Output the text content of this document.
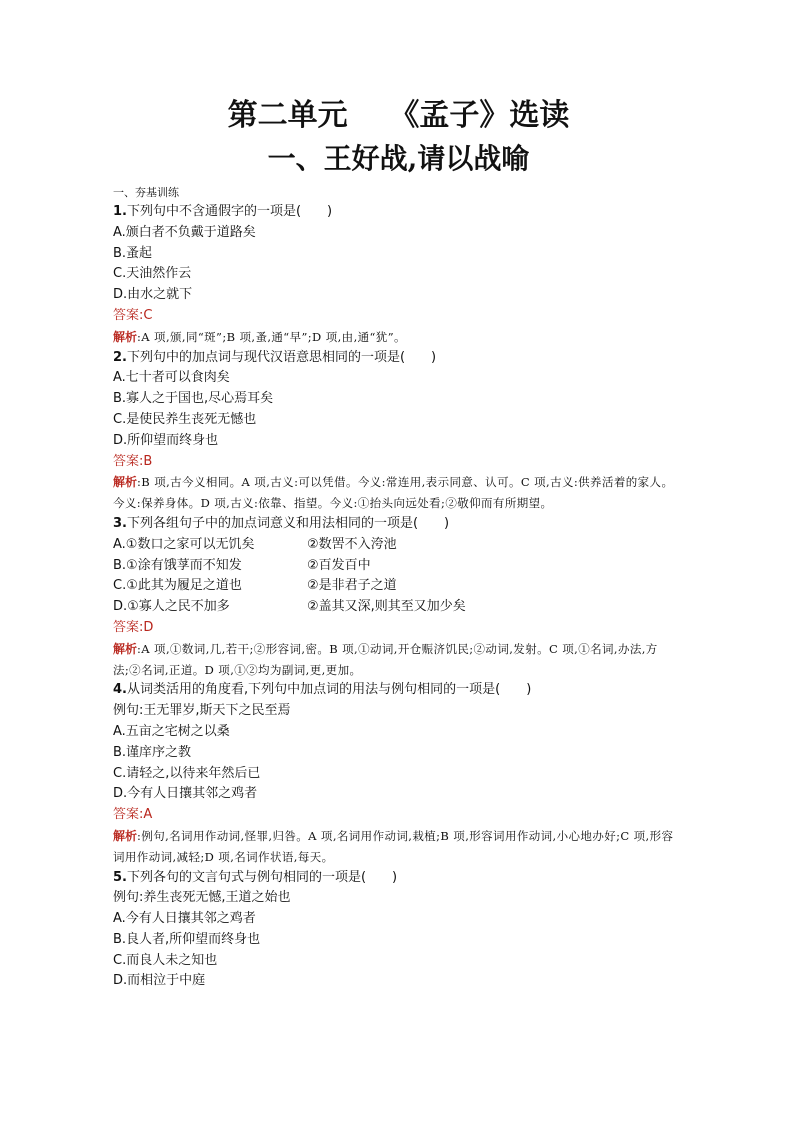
第二单元    《孟子》选读
一、王好战,请以战喻

一、夯基训练

1.下列句中不含通假字的一项是(　　)

A.颁白者不负戴于道路矣

B.蚤起

C.天油然作云

D.由水之就下

答案:C

解析:A 项,颁,同“斑”;B 项,蚤,通“早”;D 项,由,通“犹”。

2.下列句中的加点词与现代汉语意思相同的一项是(　　)

A.七十者可以食肉矣

B.寡人之于国也,尽心焉耳矣

C.是使民养生丧死无憾也

D.所仰望而终身也

答案:B

解析:B 项,古今义相同。A 项,古义:可以凭借。今义:常连用,表示同意、认可。C 项,古义:供养活着的家人。今义:保养身体。D 项,古义:依靠、指望。今义:①抬头向远处看;②敬仰而有所期望。

3.下列各组句子中的加点词意义和用法相同的一项是(　　)

A.①数口之家可以无饥矣	②数罟不入洿池
B.①涂有饿莩而不知发	②百发百中
C.①此其为履足之道也	②是非君子之道
D.①寡人之民不加多	②盖其又深,则其至又加少矣

答案:D

解析:A 项,①数词,几,若干;②形容词,密。B 项,①动词,开仓赈济饥民;②动词,发射。C 项,①名词,办法,方法;②名词,正道。D 项,①②均为副词,更,更加。

4.从词类活用的角度看,下列句中加点词的用法与例句相同的一项是(　　)

例句:王无罪岁,斯天下之民至焉

A.五亩之宅树之以桑

B.谨庠序之教

C.请轻之,以待来年然后已

D.今有人日攘其邻之鸡者

答案:A

解析:例句,名词用作动词,怪罪,归咎。A 项,名词用作动词,栽植;B 项,形容词用作动词,小心地办好;C 项,形容词用作动词,减轻;D 项,名词作状语,每天。

5.下列各句的文言句式与例句相同的一项是(　　)

例句:养生丧死无憾,王道之始也

A.今有人日攘其邻之鸡者

B.良人者,所仰望而终身也

C.而良人未之知也

D.而相泣于中庭
